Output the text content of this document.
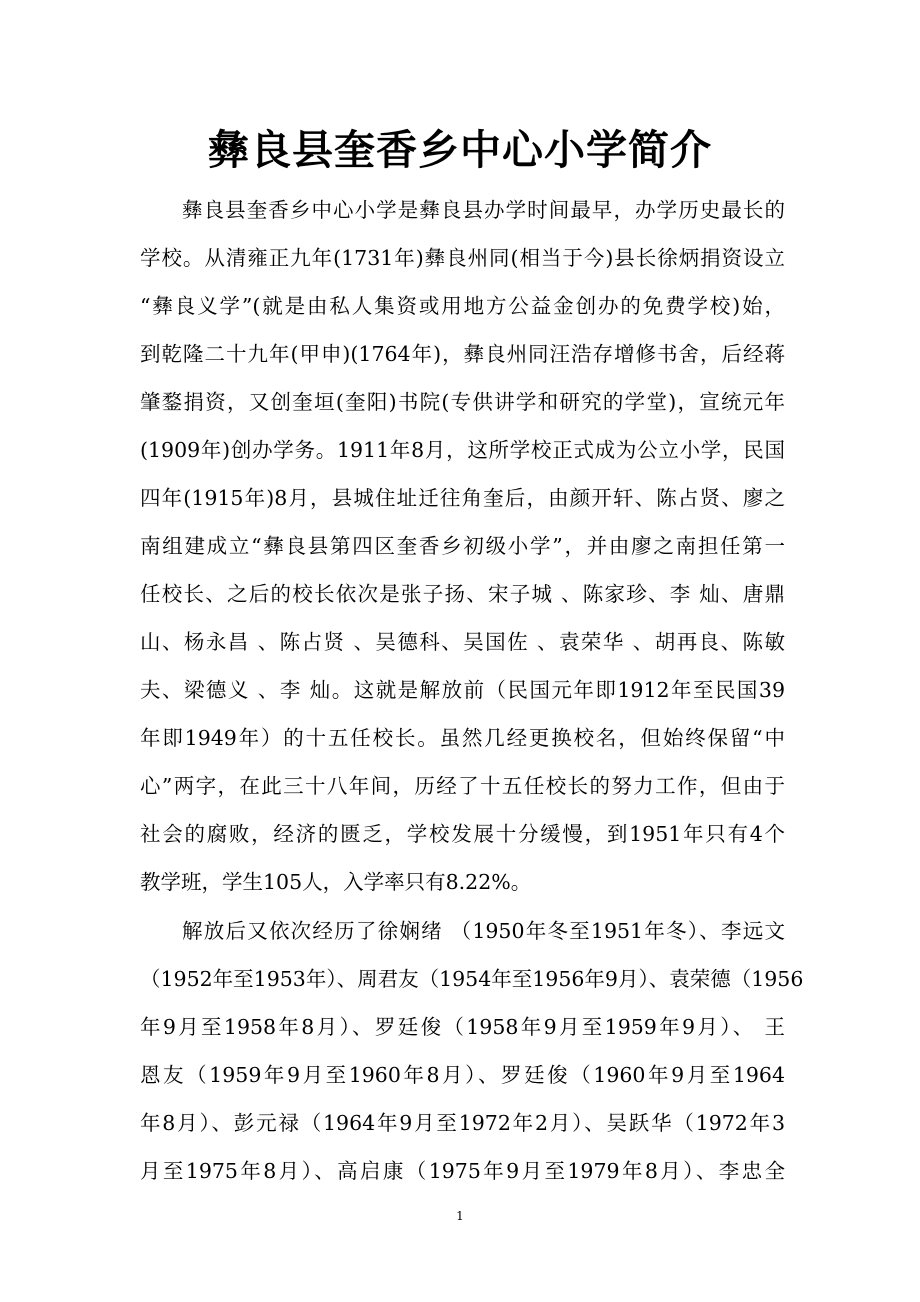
彝良县奎香乡中心小学简介
彝良县奎香乡中心小学是彝良县办学时间最早，办学历史最长的
学校。从清雍正九年(1731年)彝良州同(相当于今)县长徐炳捐资设立
“彝良义学”(就是由私人集资或用地方公益金创办的免费学校)始，
到乾隆二十九年(甲申)(1764年)，彝良州同汪浩存增修书舍，后经蒋
肇鍪捐资，又创奎垣(奎阳)书院(专供讲学和研究的学堂)，宣统元年
(1909年)创办学务。1911年8月，这所学校正式成为公立小学，民国
四年(1915年)8月，县城住址迁往角奎后，由颜开轩、陈占贤、廖之
南组建成立“彝良县第四区奎香乡初级小学”，并由廖之南担任第一
任校长、之后的校长依次是张子扬、宋子城 、陈家珍、李 灿、唐鼎
山、杨永昌 、陈占贤 、吴德科、吴国佐 、袁荣华 、胡再良、陈敏
夫、梁德义 、李 灿。这就是解放前（民国元年即1912年至民国39
年即1949年）的十五任校长。虽然几经更换校名，但始终保留“中
心”两字，在此三十八年间，历经了十五任校长的努力工作，但由于
社会的腐败，经济的匮乏，学校发展十分缓慢，到1951年只有4个
教学班，学生105人，入学率只有8.22%。
解放后又依次经历了徐娴绪 （1950年冬至1951年冬）、李远文
（1952年至1953年）、周君友（1954年至1956年9月）、袁荣德（1956
年9月至1958年8月）、罗廷俊（1958年9月至1959年9月）、 王
恩友（1959年9月至1960年8月）、罗廷俊（1960年9月至1964
年8月）、彭元禄（1964年9月至1972年2月）、吴跃华（1972年3
月至1975年8月）、高启康（1975年9月至1979年8月）、李忠全
1
